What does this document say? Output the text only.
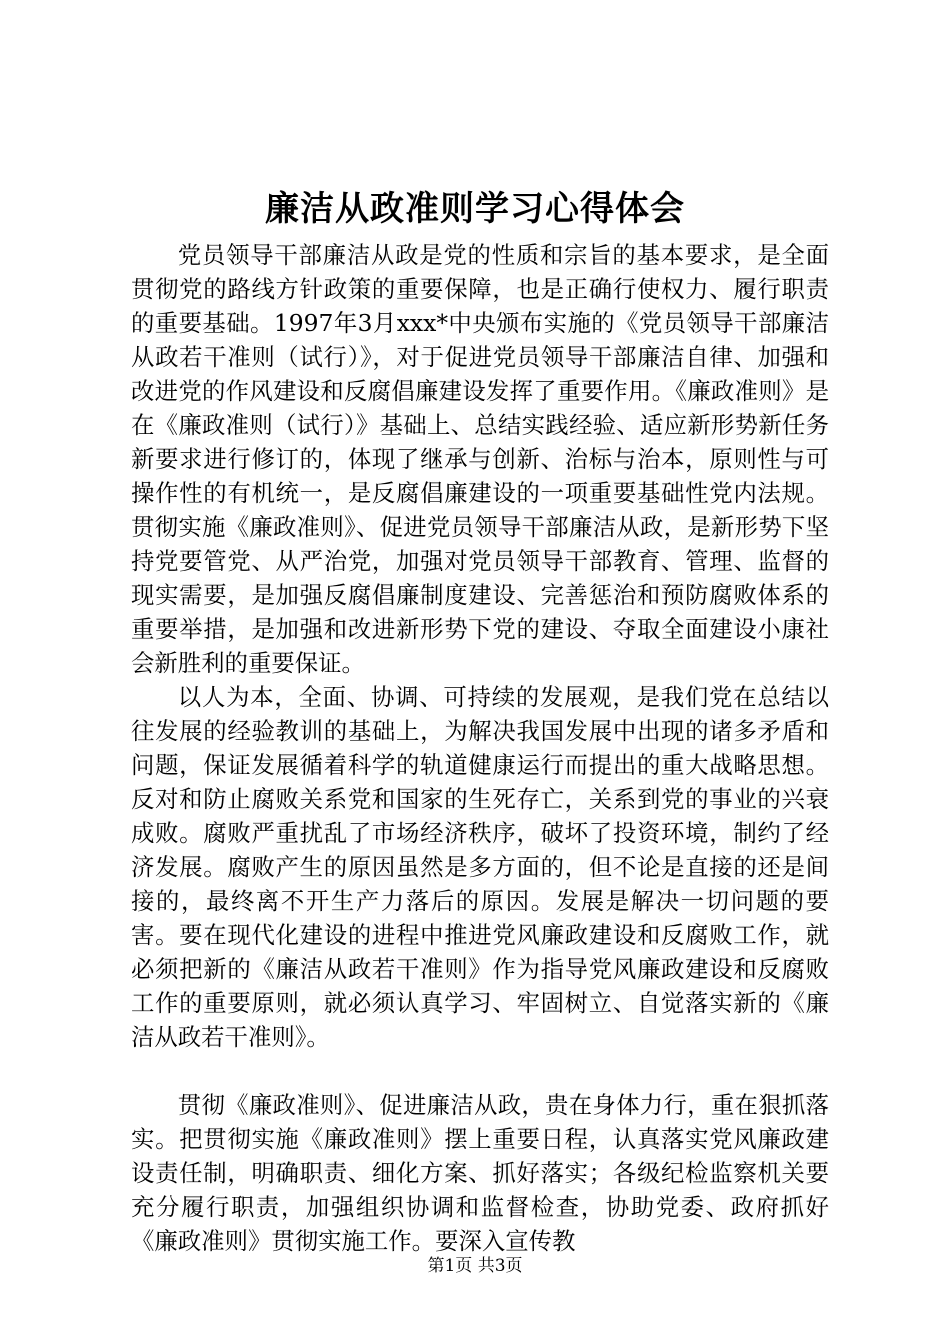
廉洁从政准则学习心得体会

党员领导干部廉洁从政是党的性质和宗旨的基本要求，是全面贯彻党的路线方针政策的重要保障，也是正确行使权力、履行职责的重要基础。1997年3月xxx*中央颁布实施的《党员领导干部廉洁从政若干准则（试行）》，对于促进党员领导干部廉洁自律、加强和改进党的作风建设和反腐倡廉建设发挥了重要作用。《廉政准则》是在《廉政准则（试行）》基础上、总结实践经验、适应新形势新任务新要求进行修订的，体现了继承与创新、治标与治本，原则性与可操作性的有机统一，是反腐倡廉建设的一项重要基础性党内法规。贯彻实施《廉政准则》、促进党员领导干部廉洁从政，是新形势下坚持党要管党、从严治党，加强对党员领导干部教育、管理、监督的现实需要，是加强反腐倡廉制度建设、完善惩治和预防腐败体系的重要举措，是加强和改进新形势下党的建设、夺取全面建设小康社会新胜利的重要保证。

以人为本，全面、协调、可持续的发展观，是我们党在总结以往发展的经验教训的基础上，为解决我国发展中出现的诸多矛盾和问题，保证发展循着科学的轨道健康运行而提出的重大战略思想。反对和防止腐败关系党和国家的生死存亡，关系到党的事业的兴衰成败。腐败严重扰乱了市场经济秩序，破坏了投资环境，制约了经济发展。腐败产生的原因虽然是多方面的，但不论是直接的还是间接的，最终离不开生产力落后的原因。发展是解决一切问题的要害。要在现代化建设的进程中推进党风廉政建设和反腐败工作，就必须把新的《廉洁从政若干准则》作为指导党风廉政建设和反腐败工作的重要原则，就必须认真学习、牢固树立、自觉落实新的《廉洁从政若干准则》。

贯彻《廉政准则》、促进廉洁从政，贵在身体力行，重在狠抓落实。把贯彻实施《廉政准则》摆上重要日程，认真落实党风廉政建设责任制，明确职责、细化方案、抓好落实；各级纪检监察机关要充分履行职责，加强组织协调和监督检查，协助党委、政府抓好《廉政准则》贯彻实施工作。要深入宣传教

第1页 共3页
